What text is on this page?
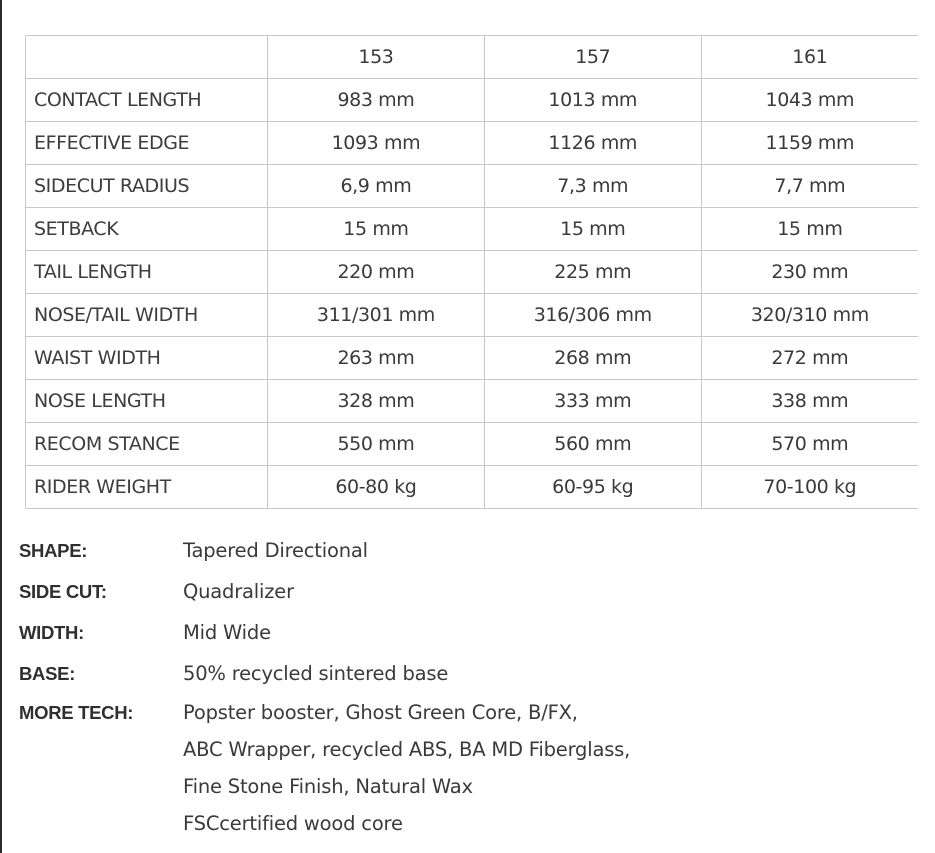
	153	157	161
CONTACT LENGTH	983 mm	1013 mm	1043 mm
EFFECTIVE EDGE	1093 mm	1126 mm	1159 mm
SIDECUT RADIUS	6,9 mm	7,3 mm	7,7 mm
SETBACK	15 mm	15 mm	15 mm
TAIL LENGTH	220 mm	225 mm	230 mm
NOSE/TAIL WIDTH	311/301 mm	316/306 mm	320/310 mm
WAIST WIDTH	263 mm	268 mm	272 mm
NOSE LENGTH	328 mm	333 mm	338 mm
RECOM STANCE	550 mm	560 mm	570 mm
RIDER WEIGHT	60-80 kg	60-95 kg	70-100 kg
SHAPE:	Tapered Directional
SIDE CUT:	Quadralizer
WIDTH:	Mid Wide
BASE:	50% recycled sintered base
MORE TECH:	Popster booster, Ghost Green Core, B/FX,
ABC Wrapper, recycled ABS, BA MD Fiberglass,
Fine Stone Finish, Natural Wax
FSCcertified wood core
